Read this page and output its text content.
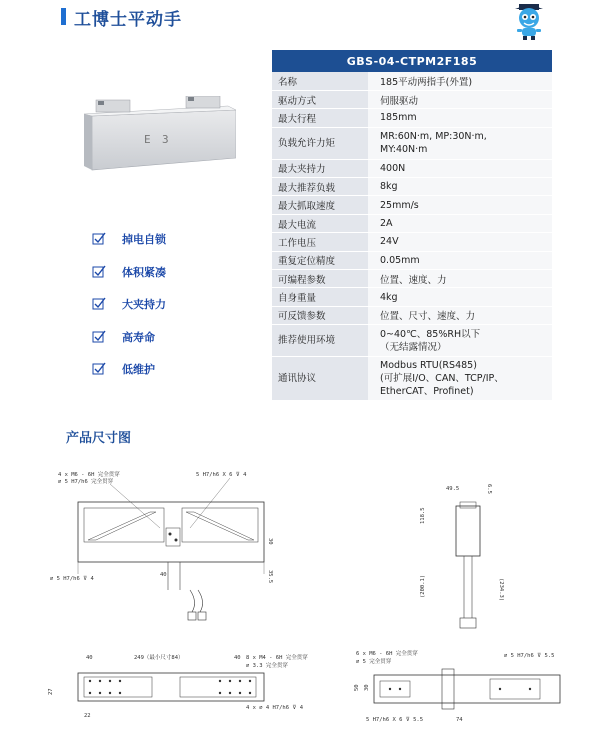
工博士平动手
E 3
掉电自锁
体积紧凑
大夹持力
高寿命
低维护
GBS-04-CTPM2F185	
名称	185平动两指手(外置)
驱动方式	伺服驱动
最大行程	185mm
负载允许力矩	MR:60N·m, MP:30N·m,
MY:40N·m

最大夹持力	400N
最大推荐负载	8kg
最大抓取速度	25mm/s
最大电流	2A
工作电压	24V
重复定位精度	0.05mm
可编程参数	位置、速度、力
自身重量	4kg
可反馈参数	位置、尺寸、速度、力
推荐使用环境	0~40℃、85%RH以下
（无结露情况）

通讯协议	Modbus RTU(RS485)
(可扩展I/O、CAN、TCP/IP、
EtherCAT、Profinet)
产品尺寸图
4 x M6 - 6H 完全贯穿
∅ 5 H7/h6 完全贯穿
5 H7/h6 X 6 ⊽ 4
40
∅ 5 H7/h6 ⊽ 4
30
35.5
49.5	6.5
118.5
(200.1)	(234.3)
40	249（最小尺寸84）	40 8 x M4 - 6H 完全贯穿
∅ 3.3 完全贯穿
27
22
4 x ∅ 4 H7/h6 ⊽ 4
6 x M6 - 6H 完全贯穿
∅ 5 完全贯穿
∅ 5 H7/h6 ⊽ 5.5
50 30
5 H7/h6 X 6 ⊽ 5.5	74
